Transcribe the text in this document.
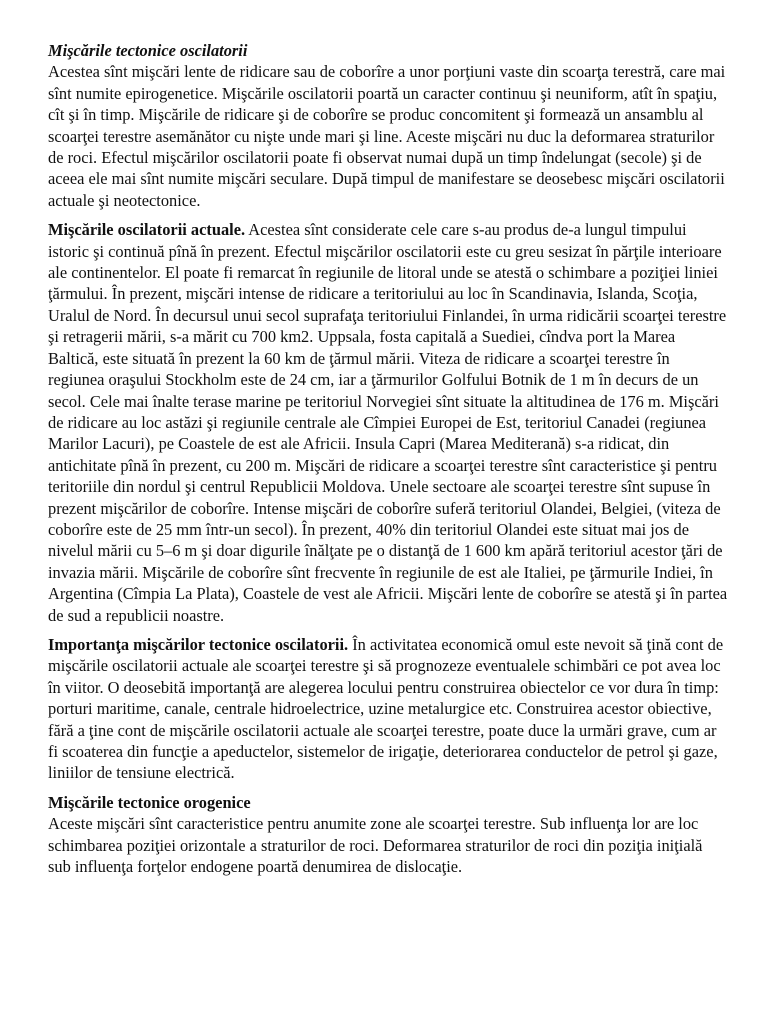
Mişcările tectonice oscilatorii

Acestea sînt mişcări lente de ridicare sau de coborîre a unor porţiuni vaste din scoarţa terestră, care mai sînt numite epirogenetice. Mişcările oscilatorii poartă un caracter continuu şi neuniform, atît în spaţiu, cît şi în timp. Mişcările de ridicare şi de coborîre se produc concomitent şi formează un ansamblu al scoarţei terestre asemănător cu nişte unde mari şi line. Aceste mişcări nu duc la deformarea straturilor de roci. Efectul mişcărilor oscilatorii poate fi observat numai după un timp îndelungat (secole) şi de aceea ele mai sînt numite mişcări seculare. După timpul de manifestare se deosebesc mişcări oscilatorii actuale şi neotectonice.

Mişcările oscilatorii actuale. Acestea sînt considerate cele care s-au produs de-a lungul timpului istoric şi continuă pînă în prezent. Efectul mişcărilor oscilatorii este cu greu sesizat în părţile interioare ale continentelor. El poate fi remarcat în regiunile de litoral unde se atestă o schimbare a poziţiei liniei ţărmului. În prezent, mişcări intense de ridicare a teritoriului au loc în Scandinavia, Islanda, Scoţia, Uralul de Nord. În decursul unui secol suprafaţa teritoriului Finlandei, în urma ridicării scoarţei terestre şi retragerii mării, s-a mărit cu 700 km2. Uppsala, fosta capitală a Suediei, cîndva port la Marea Baltică, este situată în prezent la 60 km de ţărmul mării. Viteza de ridicare a scoarţei terestre în regiunea oraşului Stockholm este de 24 cm, iar a ţărmurilor Golfului Botnik de 1 m în decurs de un secol. Cele mai înalte terase marine pe teritoriul Norvegiei sînt situate la altitudinea de 176 m. Mişcări de ridicare au loc astăzi şi regiunile centrale ale Cîmpiei Europei de Est, teritoriul Canadei (regiunea Marilor Lacuri), pe Coastele de est ale Africii. Insula Capri (Marea Mediterană) s-a ridicat, din antichitate pînă în prezent, cu 200 m. Mişcări de ridicare a scoarţei terestre sînt caracteristice şi pentru teritoriile din nordul şi centrul Republicii Moldova. Unele sectoare ale scoarţei terestre sînt supuse în prezent mişcărilor de coborîre. Intense mişcări de coborîre suferă teritoriul Olandei, Belgiei, (viteza de coborîre este de 25 mm într-un secol). În prezent, 40% din teritoriul Olandei este situat mai jos de nivelul mării cu 5–6 m şi doar digurile înălţate pe o distanţă de 1 600 km apără teritoriul acestor ţări de invazia mării. Mişcările de coborîre sînt frecvente în regiunile de est ale Italiei, pe ţărmurile Indiei, în Argentina (Cîmpia La Plata), Coastele de vest ale Africii. Mişcări lente de coborîre se atestă şi în partea de sud a republicii noastre.

Importanţa mişcărilor tectonice oscilatorii. În activitatea economică omul este nevoit să ţină cont de mişcările oscilatorii actuale ale scoarţei terestre şi să prognozeze eventualele schimbări ce pot avea loc în viitor. O deosebită importanţă are alegerea locului pentru construirea obiectelor ce vor dura în timp: porturi maritime, canale, centrale hidroelectrice, uzine metalurgice etc. Construirea acestor obiective, fără a ţine cont de mişcările oscilatorii actuale ale scoarţei terestre, poate duce la urmări grave, cum ar fi scoaterea din funcţie a apeductelor, sistemelor de irigaţie, deteriorarea conductelor de petrol şi gaze, liniilor de tensiune electrică.

Mişcările tectonice orogenice

Aceste mişcări sînt caracteristice pentru anumite zone ale scoarţei terestre. Sub influenţa lor are loc schimbarea poziţiei orizontale a straturilor de roci. Deformarea straturilor de roci din poziţia iniţială sub influenţa forţelor endogene poartă denumirea de dislocaţie.
